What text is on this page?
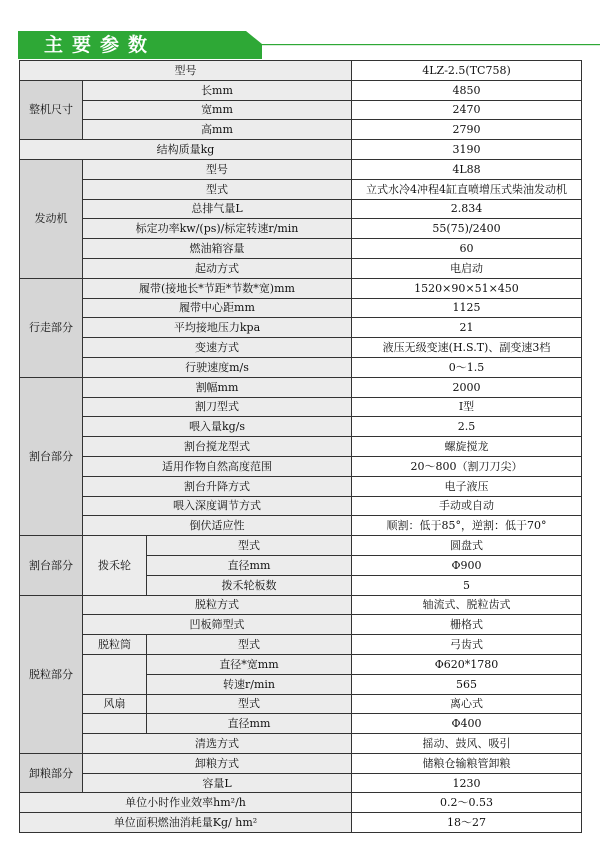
主要参数
型号			4LZ-2.5(TC758)
整机尺寸	长mm		4850
	宽mm		2470
	高mm		2790
结构质量kg			3190
发动机	型号		4L88
	型式		立式水冷4冲程4缸直喷增压式柴油发动机
	总排气量L		2.834
	标定功率kw/(ps)/标定转速r/min		55(75)/2400
	燃油箱容量		60
	起动方式		电启动
行走部分	履带(接地长*节距*节数*宽)mm		1520×90×51×450
	履带中心距mm		1125
	平均接地压力kpa		21
	变速方式		液压无级变速(H.S.T)、副变速3档
	行驶速度m/s		0～1.5
割台部分	割幅mm		2000
	割刀型式		I型
	喂入量kg/s		2.5
	割台搅龙型式		螺旋搅龙
	适用作物自然高度范围		20～800（割刀刀尖）
	割台升降方式		电子液压
	喂入深度调节方式		手动或自动
	倒伏适应性		顺割：低于85°，逆割：低于70°
割台部分	拨禾轮	型式	圆盘式
		直径mm	Φ900
		拨禾轮板数	5
脱粒部分	脱粒方式		轴流式、脱粒齿式
	凹板筛型式		栅格式
	脱粒筒	型式	弓齿式
		直径*宽mm	Φ620*1780
		转速r/min	565
	风扇	型式	离心式
		直径mm	Φ400
	清选方式		摇动、鼓风、吸引
卸粮部分	卸粮方式		储粮仓输粮管卸粮
	容量L		1230
单位小时作业效率hm²/h			0.2～0.53
单位面积燃油消耗量Kg/ hm²			18～27
